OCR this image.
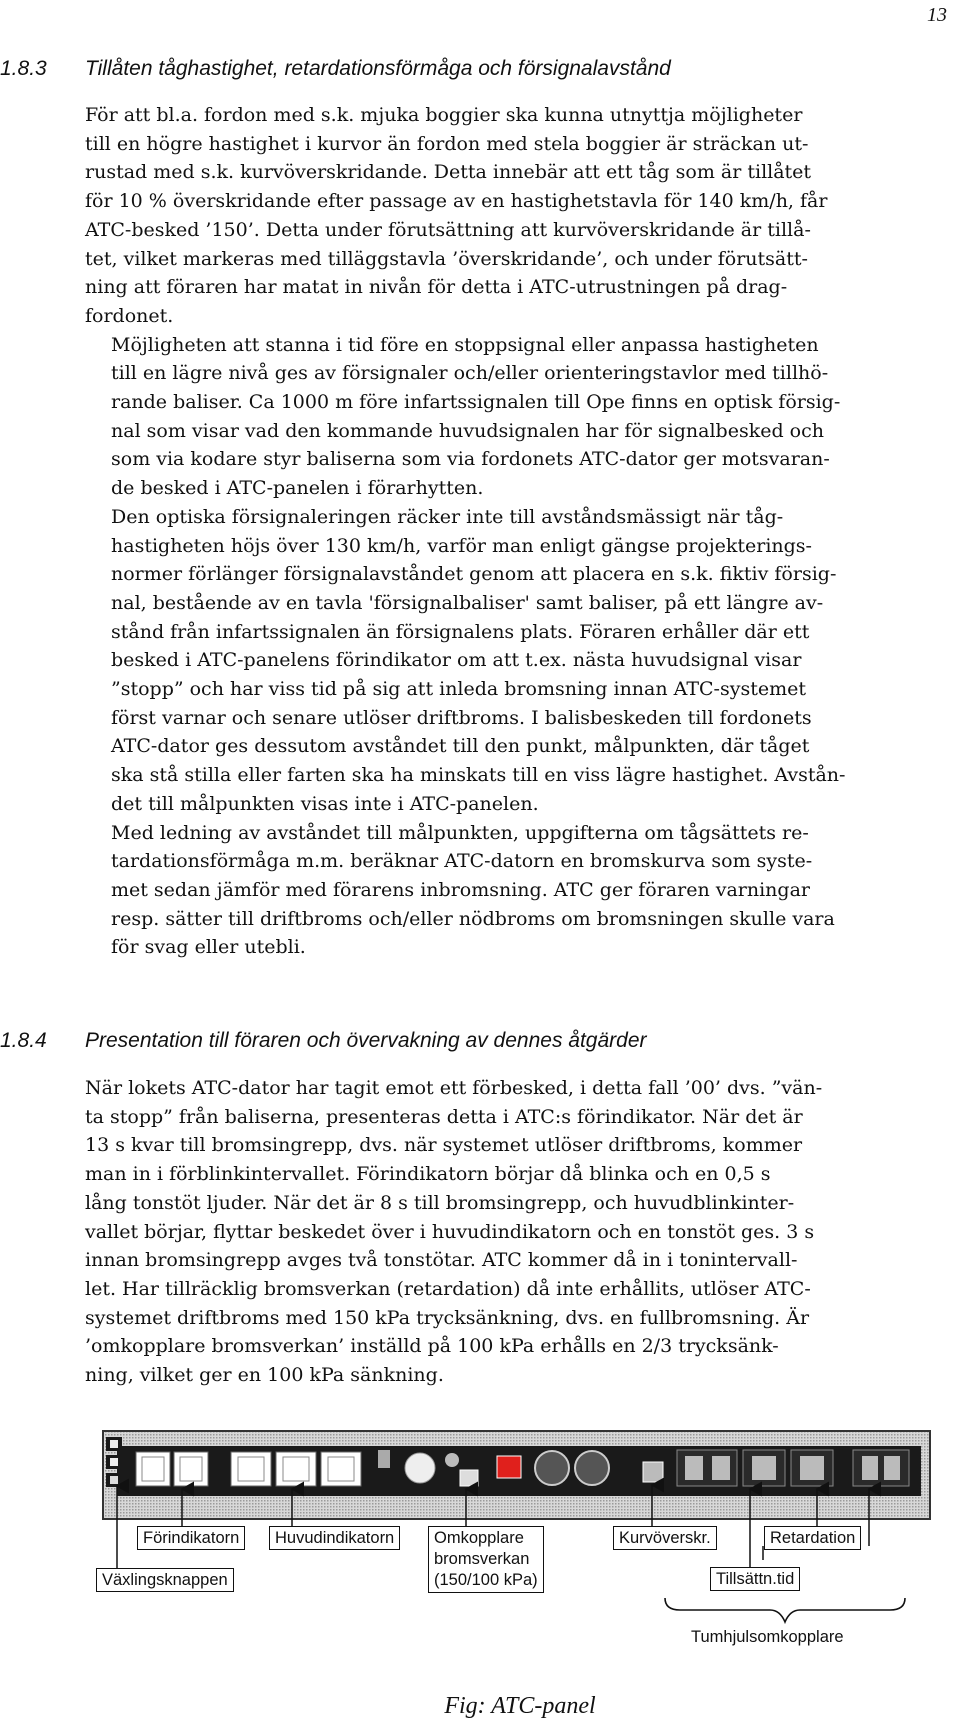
13
1.8.3 Tillåten tåghastighet, retardationsförmåga och försignalavstånd
För att bl.a. fordon med s.k. mjuka boggier ska kunna utnyttja möjligheter
till en högre hastighet i kurvor än fordon med stela boggier är sträckan ut-
rustad med s.k. kurvöverskridande. Detta innebär att ett tåg som är tillåtet
för 10 % överskridande efter passage av en hastighetstavla för 140 km/h, får
ATC-besked ’150’. Detta under förutsättning att kurvöverskridande är tillå-
tet, vilket markeras med tilläggstavla ’överskridande’, och under förutsätt-
ning att föraren har matat in nivån för detta i ATC-utrustningen på drag-
fordonet.
Möjligheten att stanna i tid före en stoppsignal eller anpassa hastigheten
till en lägre nivå ges av försignaler och/eller orienteringstavlor med tillhö-
rande baliser. Ca 1000 m före infartssignalen till Ope finns en optisk försig-
nal som visar vad den kommande huvudsignalen har för signalbesked och
som via kodare styr baliserna som via fordonets ATC-dator ger motsvaran-
de besked i ATC-panelen i förarhytten.
Den optiska försignaleringen räcker inte till avståndsmässigt när tåg-
hastigheten höjs över 130 km/h, varför man enligt gängse projekterings-
normer förlänger försignalavståndet genom att placera en s.k. fiktiv försig-
nal, bestående av en tavla 'försignalbaliser' samt baliser, på ett längre av-
stånd från infartssignalen än försignalens plats. Föraren erhåller där ett
besked i ATC-panelens förindikator om att t.ex. nästa huvudsignal visar
”stopp” och har viss tid på sig att inleda bromsning innan ATC-systemet
först varnar och senare utlöser driftbroms. I balisbeskeden till fordonets
ATC-dator ges dessutom avståndet till den punkt, målpunkten, där tåget
ska stå stilla eller farten ska ha minskats till en viss lägre hastighet. Avstån-
det till målpunkten visas inte i ATC-panelen.
Med ledning av avståndet till målpunkten, uppgifterna om tågsättets re-
tardationsförmåga m.m. beräknar ATC-datorn en bromskurva som syste-
met sedan jämför med förarens inbromsning. ATC ger föraren varningar
resp. sätter till driftbroms och/eller nödbroms om bromsningen skulle vara
för svag eller utebli.
1.8.4 Presentation till föraren och övervakning av dennes åtgärder
När lokets ATC-dator har tagit emot ett förbesked, i detta fall ’00’ dvs. ”vän-
ta stopp” från baliserna, presenteras detta i ATC:s förindikator. När det är
13 s kvar till bromsingrepp, dvs. när systemet utlöser driftbroms, kommer
man in i förblinkintervallet. Förindikatorn börjar då blinka och en 0,5 s
lång tonstöt ljuder. När det är 8 s till bromsingrepp, och huvudblinkinter-
vallet börjar, flyttar beskedet över i huvudindikatorn och en tonstöt ges. 3 s
innan bromsingrepp avges två tonstötar. ATC kommer då in i tonintervall-
let. Har tillräcklig bromsverkan (retardation) då inte erhållits, utlöser ATC-
systemet driftbroms med 150 kPa trycksänkning, dvs. en fullbromsning. Är
’omkopplare bromsverkan’ inställd på 100 kPa erhålls en 2/3 trycksänk-
ning, vilket ger en 100 kPa sänkning.
Växlingsknappen
Förindikatorn	Huvudindikatorn	Omkopplare
bromsverkan
(150/100 kPa)
Kurvöverskr.	Retardation
Tillsättn.tid
Tumhjulsomkopplare
Fig: ATC-panel
